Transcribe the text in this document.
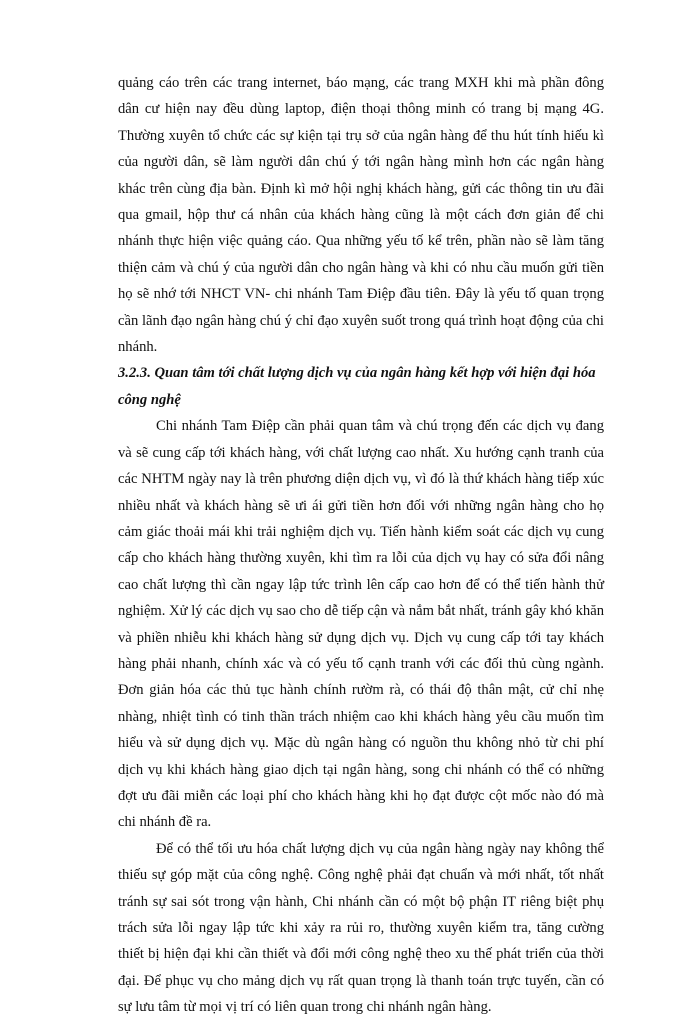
quảng cáo trên các trang internet, báo mạng, các trang MXH khi mà phần đông dân cư hiện nay đều dùng laptop, điện thoại thông minh có trang bị mạng 4G. Thường xuyên tổ chức các sự kiện tại trụ sở của ngân hàng để thu hút tính hiếu kì của người dân, sẽ làm người dân chú ý tới ngân hàng mình hơn các ngân hàng khác trên cùng địa bàn. Định kì mở hội nghị khách hàng, gửi các thông tin ưu đãi qua gmail, hộp thư cá nhân của khách hàng cũng là một cách đơn giản để chi nhánh thực hiện việc quảng cáo. Qua những yếu tố kể trên, phần nào sẽ làm tăng thiện cảm và chú ý của người dân cho ngân hàng và khi có nhu cầu muốn gửi tiền họ sẽ nhớ tới NHCT VN- chi nhánh Tam Điệp đầu tiên. Đây là yếu tố quan trọng cần lãnh đạo ngân hàng chú ý chỉ đạo xuyên suốt trong quá trình hoạt động của chi nhánh.

3.2.3. Quan tâm tới chất lượng dịch vụ của ngân hàng kết hợp với hiện đại hóa công nghệ

Chi nhánh Tam Điệp cần phải quan tâm và chú trọng đến các dịch vụ đang và sẽ cung cấp tới khách hàng, với chất lượng cao nhất. Xu hướng cạnh tranh của các NHTM ngày nay là trên phương diện dịch vụ, vì đó là thứ khách hàng tiếp xúc nhiều nhất và khách hàng sẽ ưi ái gửi tiền hơn đối với những ngân hàng cho họ cảm giác thoải mái khi trải nghiệm dịch vụ. Tiến hành kiểm soát các dịch vụ cung cấp cho khách hàng thường xuyên, khi tìm ra lỗi của dịch vụ hay có sửa đổi nâng cao chất lượng thì cần ngay lập tức trình lên cấp cao hơn để có thể tiến hành thử nghiệm. Xử lý các dịch vụ sao cho dễ tiếp cận và nắm bắt nhất, tránh gây khó khăn và phiền nhiễu khi khách hàng sử dụng dịch vụ. Dịch vụ cung cấp tới tay khách hàng phải nhanh, chính xác và có yếu tố cạnh tranh với các đối thủ cùng ngành. Đơn giản hóa các thủ tục hành chính rườm rà, có thái độ thân mật, cử chỉ nhẹ nhàng, nhiệt tình có tinh thần trách nhiệm cao khi khách hàng yêu cầu muốn tìm hiểu và sử dụng dịch vụ. Mặc dù ngân hàng có nguồn thu không nhỏ từ chi phí dịch vụ khi khách hàng giao dịch tại ngân hàng, song chi nhánh có thể có những đợt ưu đãi miễn các loại phí cho khách hàng khi họ đạt được cột mốc nào đó mà chi nhánh đề ra.

Để có thể tối ưu hóa chất lượng dịch vụ của ngân hàng ngày nay không thể thiếu sự góp mặt của công nghệ. Công nghệ phải đạt chuẩn và mới nhất, tốt nhất tránh sự sai sót trong vận hành, Chi nhánh cần có một bộ phận IT riêng biệt phụ trách sửa lỗi ngay lập tức khi xảy ra rủi ro, thường xuyên kiểm tra, tăng cường thiết bị hiện đại khi cần thiết và đổi mới công nghệ theo xu thế phát triển của thời đại. Để phục vụ cho mảng dịch vụ rất quan trọng là thanh toán trực tuyến, cần có sự lưu tâm từ mọi vị trí có liên quan trong chi nhánh ngân hàng.
